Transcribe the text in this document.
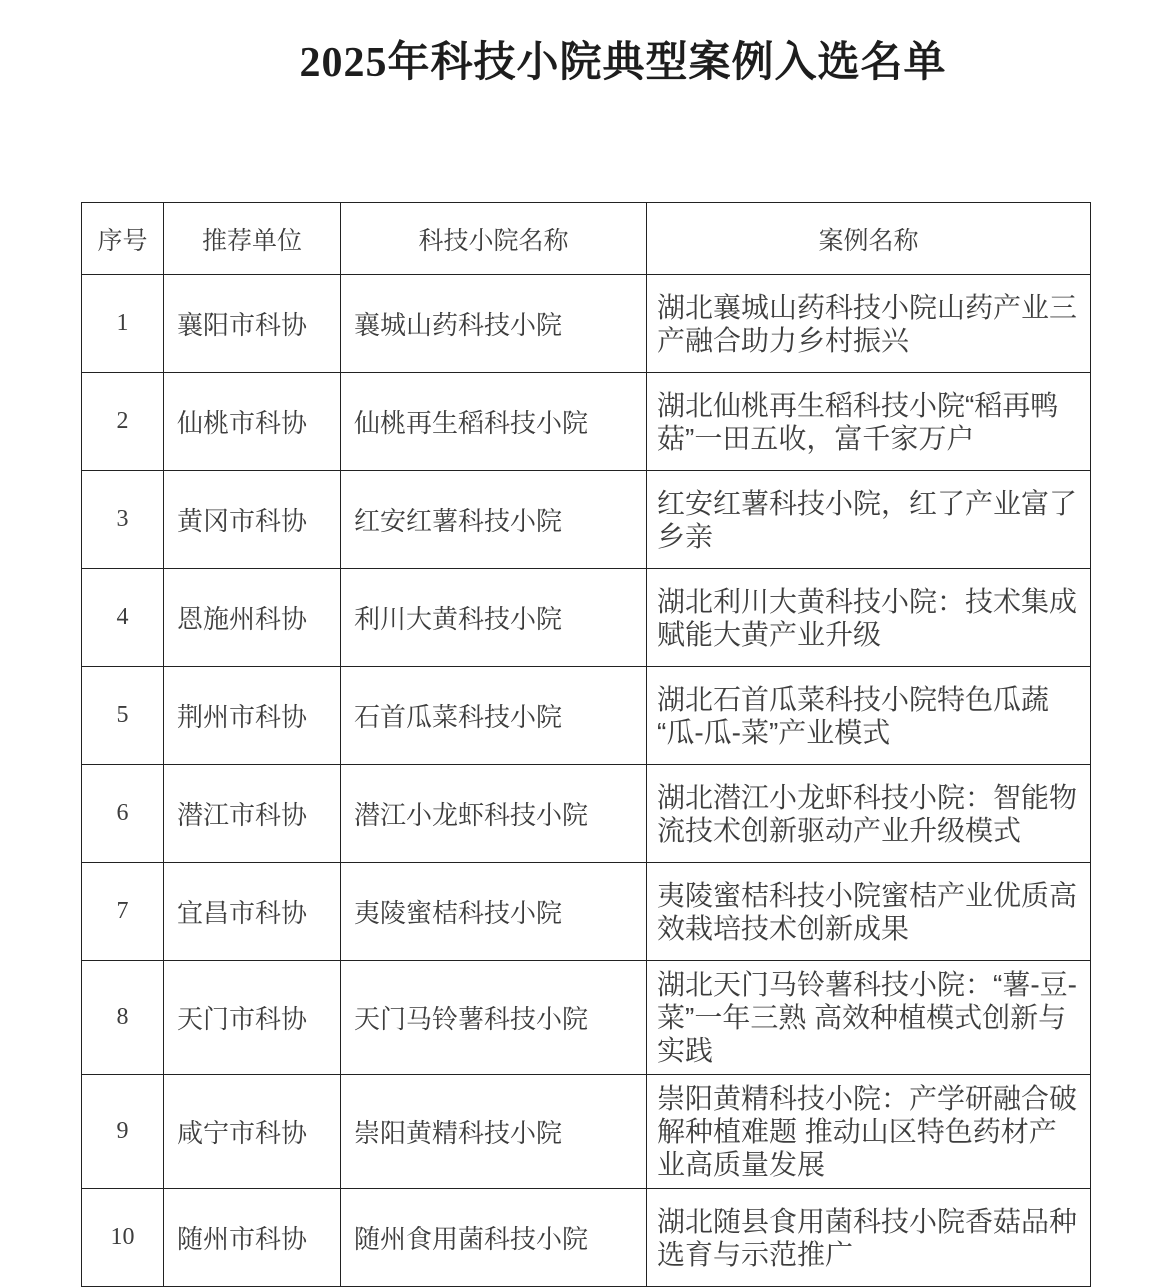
2025年科技小院典型案例入选名单
序号	推荐单位	科技小院名称	案例名称
1	襄阳市科协	襄城山药科技小院	湖北襄城山药科技小院山药产业三产融合助力乡村振兴
2	仙桃市科协	仙桃再生稻科技小院	湖北仙桃再生稻科技小院“稻再鸭菇”一田五收，富千家万户
3	黄冈市科协	红安红薯科技小院	红安红薯科技小院，红了产业富了乡亲
4	恩施州科协	利川大黄科技小院	湖北利川大黄科技小院：技术集成赋能大黄产业升级
5	荆州市科协	石首瓜菜科技小院	湖北石首瓜菜科技小院特色瓜蔬“瓜-瓜-菜”产业模式
6	潜江市科协	潜江小龙虾科技小院	湖北潜江小龙虾科技小院：智能物流技术创新驱动产业升级模式
7	宜昌市科协	夷陵蜜桔科技小院	夷陵蜜桔科技小院蜜桔产业优质高效栽培技术创新成果
8	天门市科协	天门马铃薯科技小院	湖北天门马铃薯科技小院：“薯-豆-菜”一年三熟 高效种植模式创新与实践
9	咸宁市科协	崇阳黄精科技小院	崇阳黄精科技小院：产学研融合破解种植难题 推动山区特色药材产业高质量发展
10	随州市科协	随州食用菌科技小院	湖北随县食用菌科技小院香菇品种选育与示范推广
